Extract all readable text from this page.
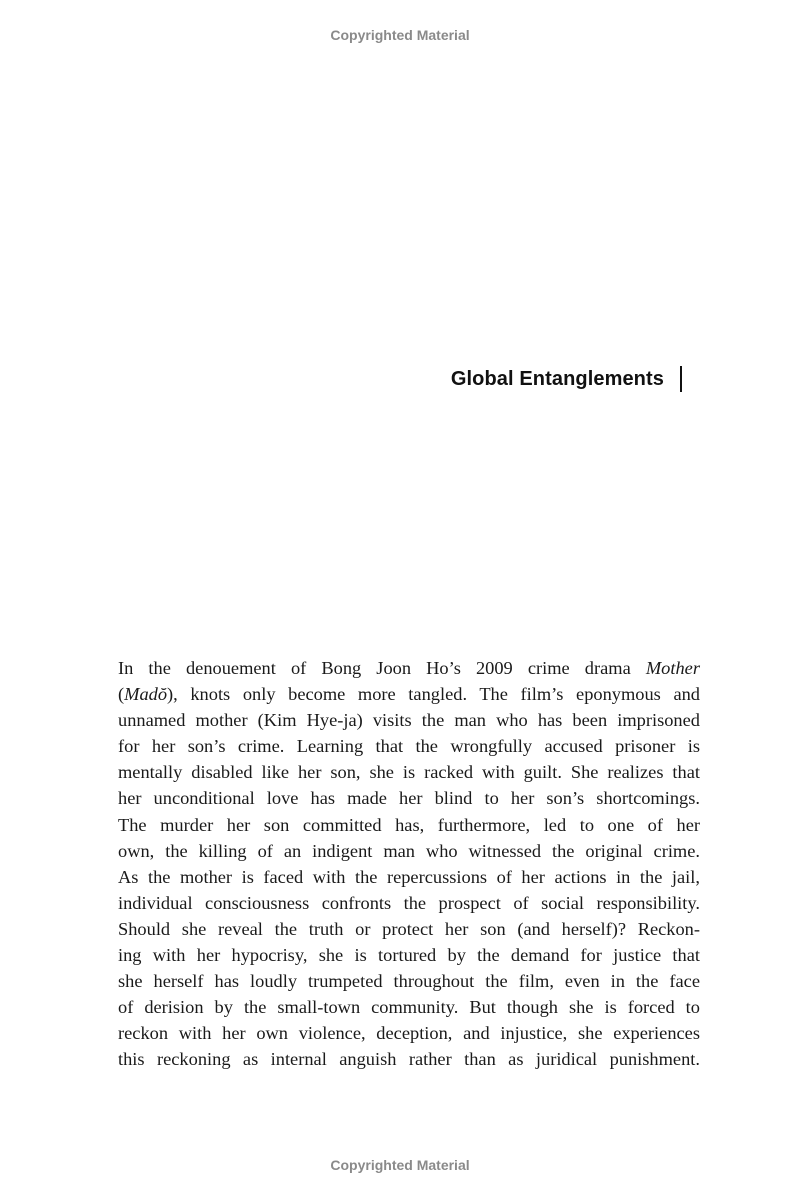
Copyrighted Material
Global Entanglements
In the denouement of Bong Joon Ho’s 2009 crime drama Mother
(Madŏ), knots only become more tangled. The film’s eponymous and
unnamed mother (Kim Hye-ja) visits the man who has been imprisoned
for her son’s crime. Learning that the wrongfully accused prisoner is
mentally disabled like her son, she is racked with guilt. She realizes that
her unconditional love has made her blind to her son’s shortcomings.
The murder her son committed has, furthermore, led to one of her
own, the killing of an indigent man who witnessed the original crime.
As the mother is faced with the repercussions of her actions in the jail,
individual consciousness confronts the prospect of social responsibility.
Should she reveal the truth or protect her son (and herself)? Reckon-
ing with her hypocrisy, she is tortured by the demand for justice that
she herself has loudly trumpeted throughout the film, even in the face
of derision by the small-town community. But though she is forced to
reckon with her own violence, deception, and injustice, she experiences
this reckoning as internal anguish rather than as juridical punishment.
Copyrighted Material
